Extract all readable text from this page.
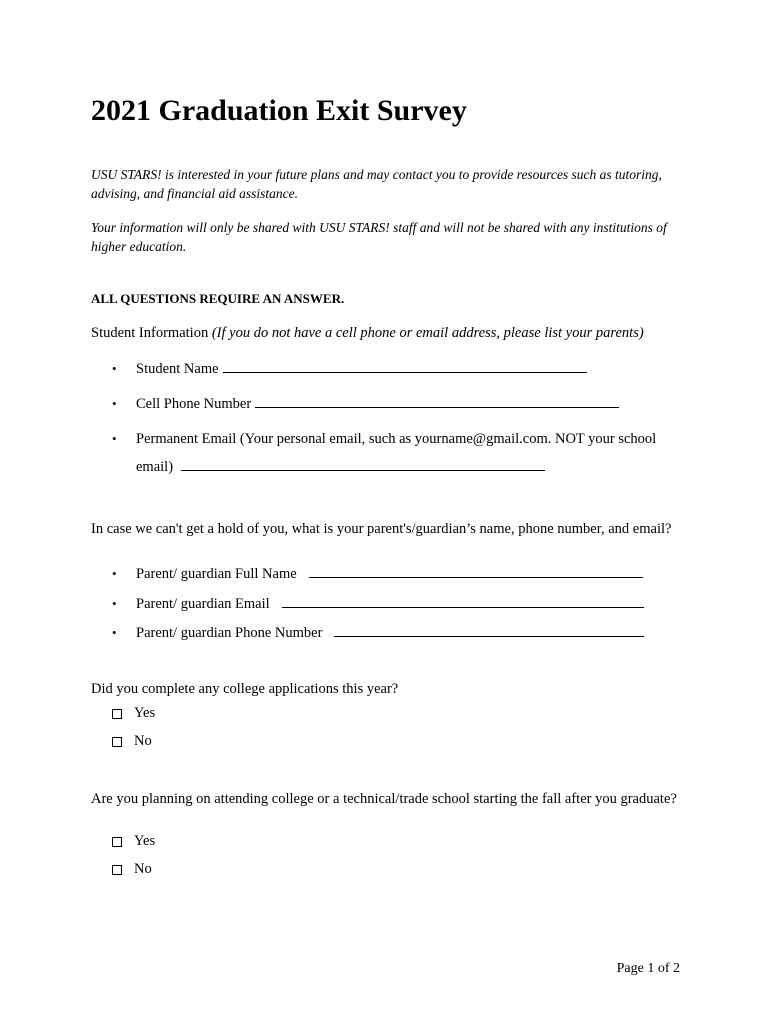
2021 Graduation Exit Survey
USU STARS! is interested in your future plans and may contact you to provide resources such as tutoring, advising, and financial aid assistance.
Your information will only be shared with USU STARS! staff and will not be shared with any institutions of higher education.
ALL QUESTIONS REQUIRE AN ANSWER.
Student Information (If you do not have a cell phone or email address, please list your parents)
•	Student Name
•	Cell Phone Number
•	Permanent Email (Your personal email, such as yourname@gmail.com. NOT your school
email)
In case we can't get a hold of you, what is your parent's/guardian’s name, phone number, and email?
•	Parent/ guardian Full Name
•	Parent/ guardian Email
•	Parent/ guardian Phone Number
Did you complete any college applications this year?
Yes
No
Are you planning on attending college or a technical/trade school starting the fall after you graduate?
Yes
No
Page 1 of 2
